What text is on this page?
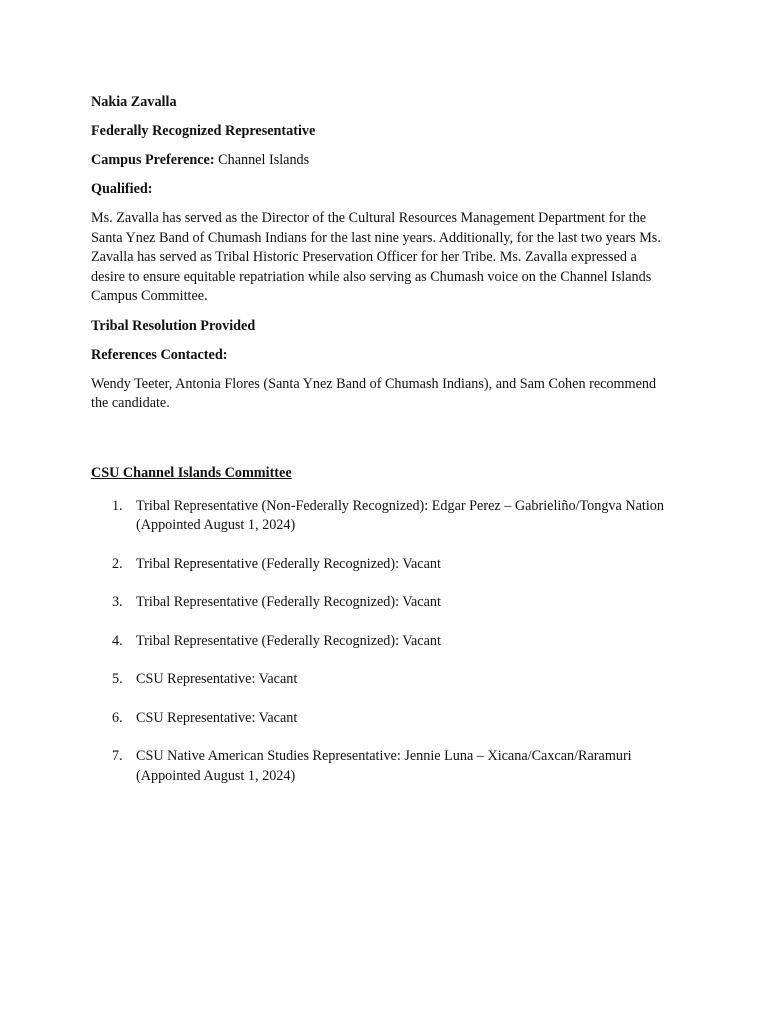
Nakia Zavalla

Federally Recognized Representative

Campus Preference: Channel Islands

Qualified:

Ms. Zavalla has served as the Director of the Cultural Resources Management Department for the Santa Ynez Band of Chumash Indians for the last nine years. Additionally, for the last two years Ms. Zavalla has served as Tribal Historic Preservation Officer for her Tribe. Ms. Zavalla expressed a desire to ensure equitable repatriation while also serving as Chumash voice on the Channel Islands Campus Committee.

Tribal Resolution Provided

References Contacted:

Wendy Teeter, Antonia Flores (Santa Ynez Band of Chumash Indians), and Sam Cohen recommend the candidate.

CSU Channel Islands Committee

1. Tribal Representative (Non-Federally Recognized): Edgar Perez – Gabrieliño/Tongva Nation (Appointed August 1, 2024)
2. Tribal Representative (Federally Recognized): Vacant
3. Tribal Representative (Federally Recognized): Vacant
4. Tribal Representative (Federally Recognized): Vacant
5. CSU Representative: Vacant
6. CSU Representative: Vacant
7. CSU Native American Studies Representative: Jennie Luna – Xicana/Caxcan/Raramuri (Appointed August 1, 2024)
